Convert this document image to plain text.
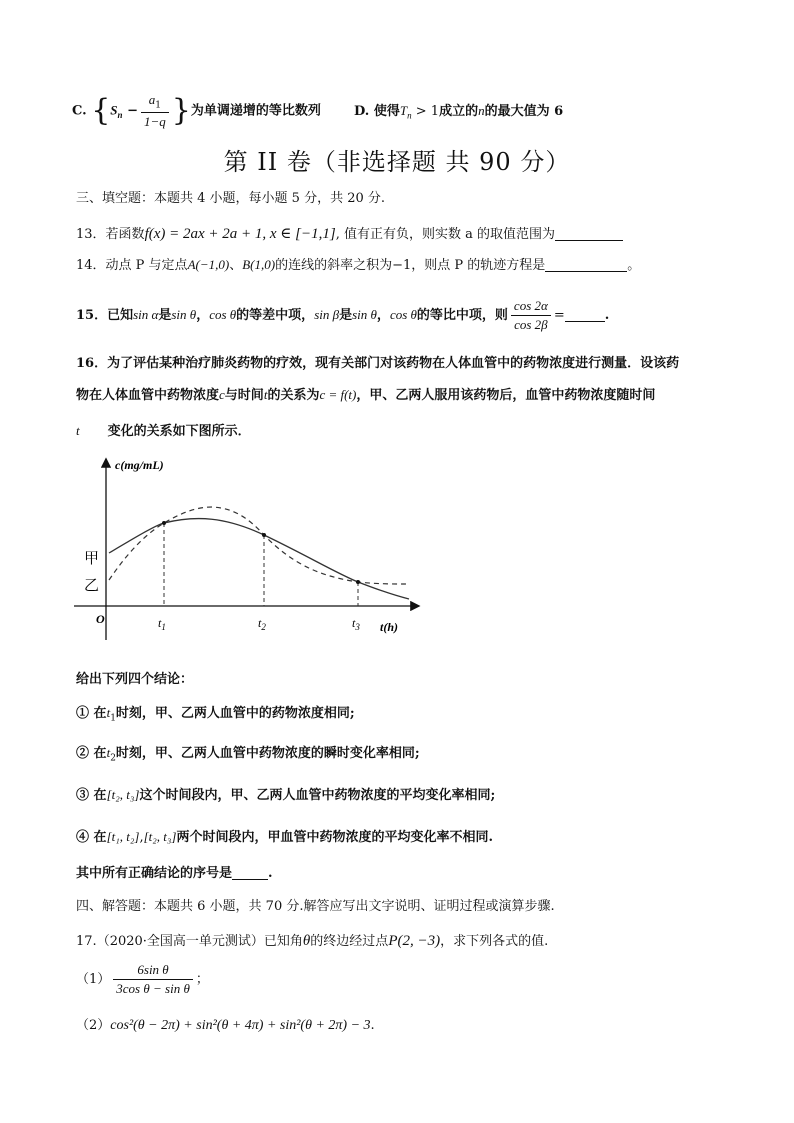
C. {$S_n - \frac{a_1}{1-q}$ }为单调递增的等比数列	D. 使得$T_n > 1$成立的n的最大值为 6
第 II 卷（非选择题 共 90 分）
三、填空题：本题共 4 小题，每小题 5 分，共 20 分.
13．若函数f(x) = 2ax + 2a + 1, x ∈ [−1,1], 值有正有负，则实数 a 的取值范围为
14．动点 P 与定点A(−1,0)、B(1,0)的连线的斜率之积为−1，则点 P 的轨迹方程是	。
15．已知sin α是sin θ，cos θ的等差中项，sin β是sin θ，cos θ的等比中项，则 $\frac{\cos 2\alpha}{\cos 2\beta}$ =	.
16．为了评估某种治疗肺炎药物的疗效，现有关部门对该药物在人体血管中的药物浓度进行测量．设该药
物在人体血管中药物浓度c与时间t的关系为c = f(t)，甲、乙两人服用该药物后，血管中药物浓度随时间
t 变化的关系如下图所示．
c(mg/mL)
甲
乙
O	$t_1$	$t_2$	$t_3$ t(h)
给出下列四个结论：
① 在$t_1$时刻，甲、乙两人血管中的药物浓度相同;
② 在$t_2$时刻，甲、乙两人血管中药物浓度的瞬时变化率相同;
③ 在[t₂, t₃]这个时间段内，甲、乙两人血管中药物浓度的平均变化率相同;
④ 在[t₁, t₂],[t₂, t₃]两个时间段内，甲血管中药物浓度的平均变化率不相同.
其中所有正确结论的序号是	.
四、解答题：本题共 6 小题，共 70 分.解答应写出文字说明、证明过程或演算步骤.
17.（2020·全国高一单元测试）已知角θ的终边经过点P(2, −3)，求下列各式的值.
$(1) \frac{\text{6sin θ}}{\text{3cos θ − sin θ}}$ ；
（2）cos²(θ − 2π) + sin²(θ + 4π) + sin²(θ + 2π) − 3.
